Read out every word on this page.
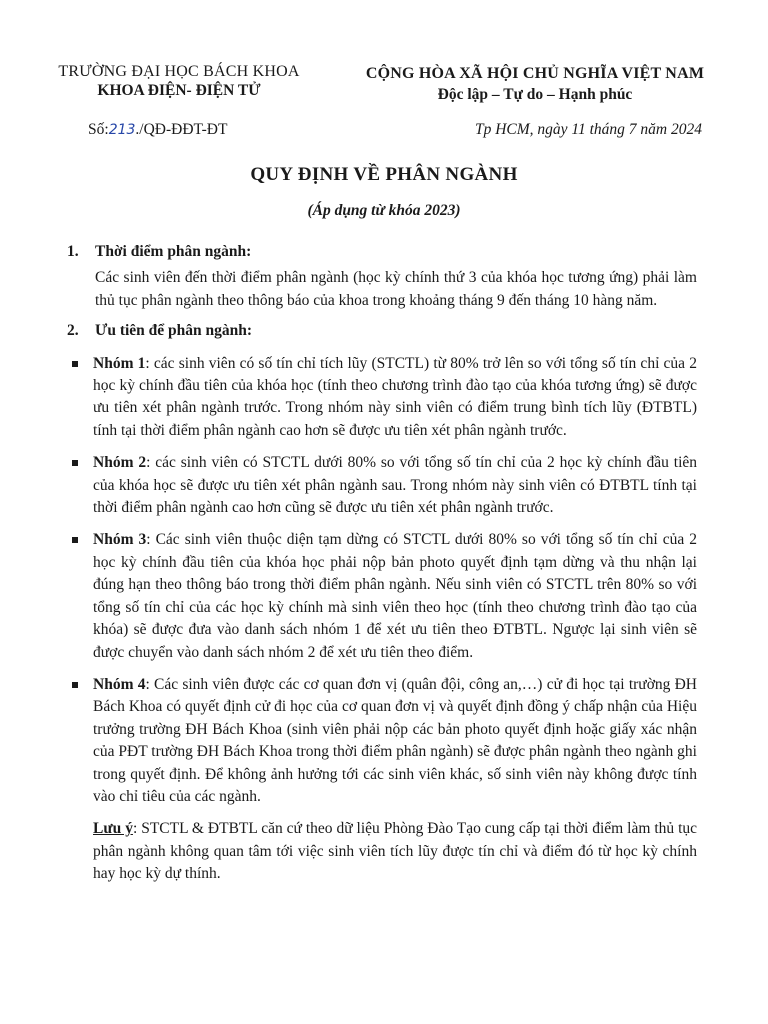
TRƯỜNG ĐẠI HỌC BÁCH KHOA
KHOA ĐIỆN- ĐIỆN TỬ
CỘNG HÒA XÃ HỘI CHỦ NGHĨA VIỆT NAM
Độc lập – Tự do – Hạnh phúc
Số:213./QĐ-ĐĐT-ĐT	Tp HCM, ngày 11 tháng 7 năm 2024
QUY ĐỊNH VỀ PHÂN NGÀNH
(Áp dụng từ khóa 2023)
1.	Thời điểm phân ngành:
Các sinh viên đến thời điểm phân ngành (học kỳ chính thứ 3 của khóa học tương ứng) phải làm thủ tục phân ngành theo thông báo của khoa trong khoảng tháng 9 đến tháng 10 hàng năm.
2.	Ưu tiên để phân ngành:
Nhóm 1: các sinh viên có số tín chỉ tích lũy (STCTL) từ 80% trở lên so với tổng số tín chỉ của 2 học kỳ chính đầu tiên của khóa học (tính theo chương trình đào tạo của khóa tương ứng) sẽ được ưu tiên xét phân ngành trước. Trong nhóm này sinh viên có điểm trung bình tích lũy (ĐTBTL) tính tại thời điểm phân ngành cao hơn sẽ được ưu tiên xét phân ngành trước.
Nhóm 2: các sinh viên có STCTL dưới 80% so với tổng số tín chỉ của 2 học kỳ chính đầu tiên của khóa học sẽ được ưu tiên xét phân ngành sau. Trong nhóm này sinh viên có ĐTBTL tính tại thời điểm phân ngành cao hơn cũng sẽ được ưu tiên xét phân ngành trước.
Nhóm 3: Các sinh viên thuộc diện tạm dừng có STCTL dưới 80% so với tổng số tín chỉ của 2 học kỳ chính đầu tiên của khóa học phải nộp bản photo quyết định tạm dừng và thu nhận lại đúng hạn theo thông báo trong thời điểm phân ngành. Nếu sinh viên có STCTL trên 80% so với tổng số tín chỉ của các học kỳ chính mà sinh viên theo học (tính theo chương trình đào tạo của khóa) sẽ được đưa vào danh sách nhóm 1 để xét ưu tiên theo ĐTBTL. Ngược lại sinh viên sẽ được chuyển vào danh sách nhóm 2 để xét ưu tiên theo điểm.
Nhóm 4: Các sinh viên được các cơ quan đơn vị (quân đội, công an,…) cử đi học tại trường ĐH Bách Khoa có quyết định cử đi học của cơ quan đơn vị và quyết định đồng ý chấp nhận của Hiệu trưởng trường ĐH Bách Khoa (sinh viên phải nộp các bản photo quyết định hoặc giấy xác nhận của PĐT trường ĐH Bách Khoa trong thời điểm phân ngành) sẽ được phân ngành theo ngành ghi trong quyết định. Để không ảnh hưởng tới các sinh viên khác, số sinh viên này không được tính vào chỉ tiêu của các ngành.
Lưu ý: STCTL & ĐTBTL căn cứ theo dữ liệu Phòng Đào Tạo cung cấp tại thời điểm làm thủ tục phân ngành không quan tâm tới việc sinh viên tích lũy được tín chỉ và điểm đó từ học kỳ chính hay học kỳ dự thính.
